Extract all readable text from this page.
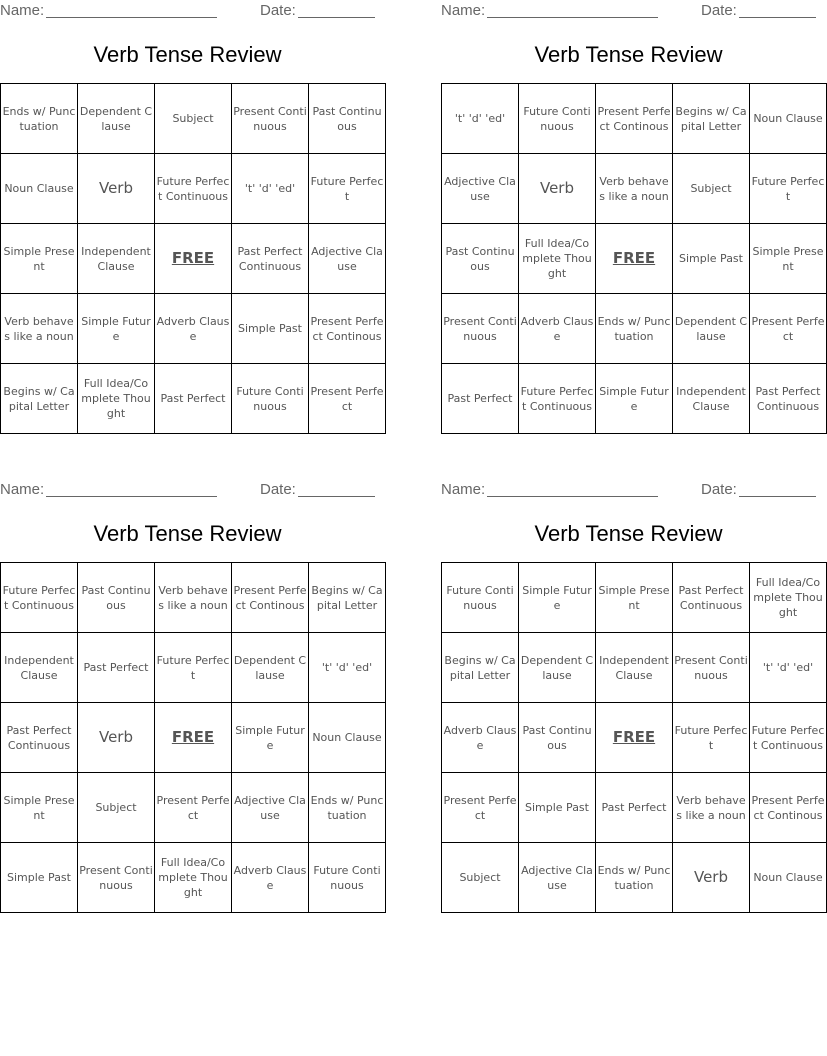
Name:	Date:
Verb Tense Review
Ends w/ Punctuation	Dependent Clause	Subject	Present Continuous	Past Continuous
Noun Clause	Verb	Future Perfect Continuous	't' 'd' 'ed'	Future Perfect
Simple Present	Independent Clause	FREE	Past Perfect Continuous	Adjective Clause
Verb behaves like a noun	Simple Future	Adverb Clause	Simple Past	Present Perfect Continous
Begins w/ Capital Letter	Full Idea/Complete Thought	Past Perfect	Future Continuous	Present Perfect
Name:	Date:
Verb Tense Review
't' 'd' 'ed'	Future Continuous	Present Perfect Continous	Begins w/ Capital Letter	Noun Clause
Adjective Clause	Verb	Verb behaves like a noun	Subject	Future Perfect
Past Continuous	Full Idea/Complete Thought	FREE	Simple Past	Simple Present
Present Continuous	Adverb Clause	Ends w/ Punctuation	Dependent Clause	Present Perfect
Past Perfect	Future Perfect Continuous	Simple Future	Independent Clause	Past Perfect Continuous
Name:	Date:
Verb Tense Review
Future Perfect Continuous	Past Continuous	Verb behaves like a noun	Present Perfect Continous	Begins w/ Capital Letter
Independent Clause	Past Perfect	Future Perfect	Dependent Clause	't' 'd' 'ed'
Past Perfect Continuous	Verb	FREE	Simple Future	Noun Clause
Simple Present	Subject	Present Perfect	Adjective Clause	Ends w/ Punctuation
Simple Past	Present Continuous	Full Idea/Complete Thought	Adverb Clause	Future Continuous
Name:	Date:
Verb Tense Review
Future Continuous	Simple Future	Simple Present	Past Perfect Continuous	Full Idea/Complete Thought
Begins w/ Capital Letter	Dependent Clause	Independent Clause	Present Continuous	't' 'd' 'ed'
Adverb Clause	Past Continuous	FREE	Future Perfect	Future Perfect Continuous
Present Perfect	Simple Past	Past Perfect	Verb behaves like a noun	Present Perfect Continous
Subject	Adjective Clause	Ends w/ Punctuation	Verb	Noun Clause
